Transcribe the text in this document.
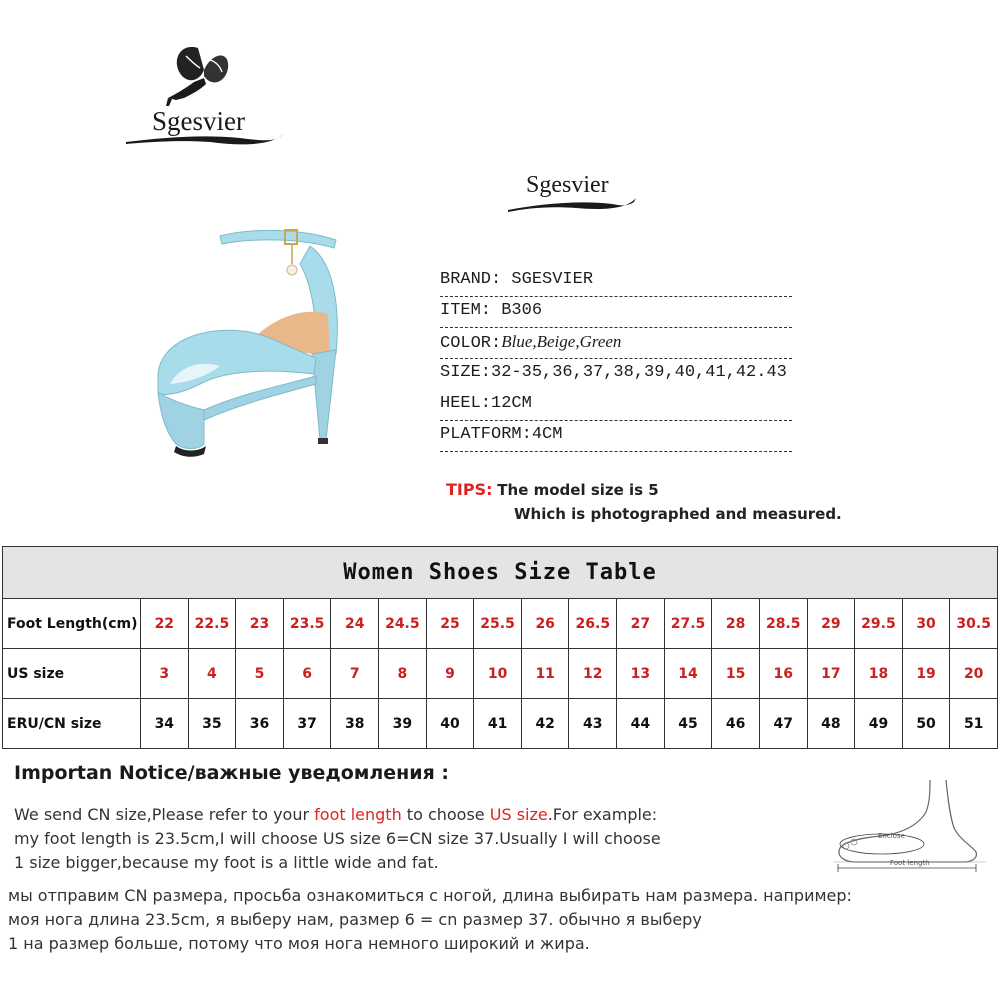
Sgesvier
Sgesvier
BRAND: SGESVIER
ITEM: B306
COLOR:Blue,Beige,Green
SIZE:32-35,36,37,38,39,40,41,42.43
HEEL:12CM
PLATFORM:4CM
TIPS: The model size is 5
Which is photographed and measured.
Women Shoes Size Table																		
Foot Length(cm)	22	22.5	23	23.5	24	24.5	25	25.5	26	26.5	27	27.5	28	28.5	29	29.5	30	30.5
US size	3	4	5	6	7	8	9	10	11	12	13	14	15	16	17	18	19	20
ERU/CN size	34	35	36	37	38	39	40	41	42	43	44	45	46	47	48	49	50	51
Importan Notice/важные уведомления :
We send CN size,Please refer to your foot length to choose US size.For example:
my foot length is 23.5cm,I will choose US size 6=CN size 37.Usually I will choose
1 size bigger,because my foot is a little wide and fat.
мы отправим CN размера, просьба ознакомиться с ногой, длина выбирать нам размера. например:
моя нога длина 23.5cm, я выберу нам, размер 6 = cn размер 37. обычно я выберу
1 на размер больше, потому что моя нога немного широкий и жира.
Enclose
Foot length
